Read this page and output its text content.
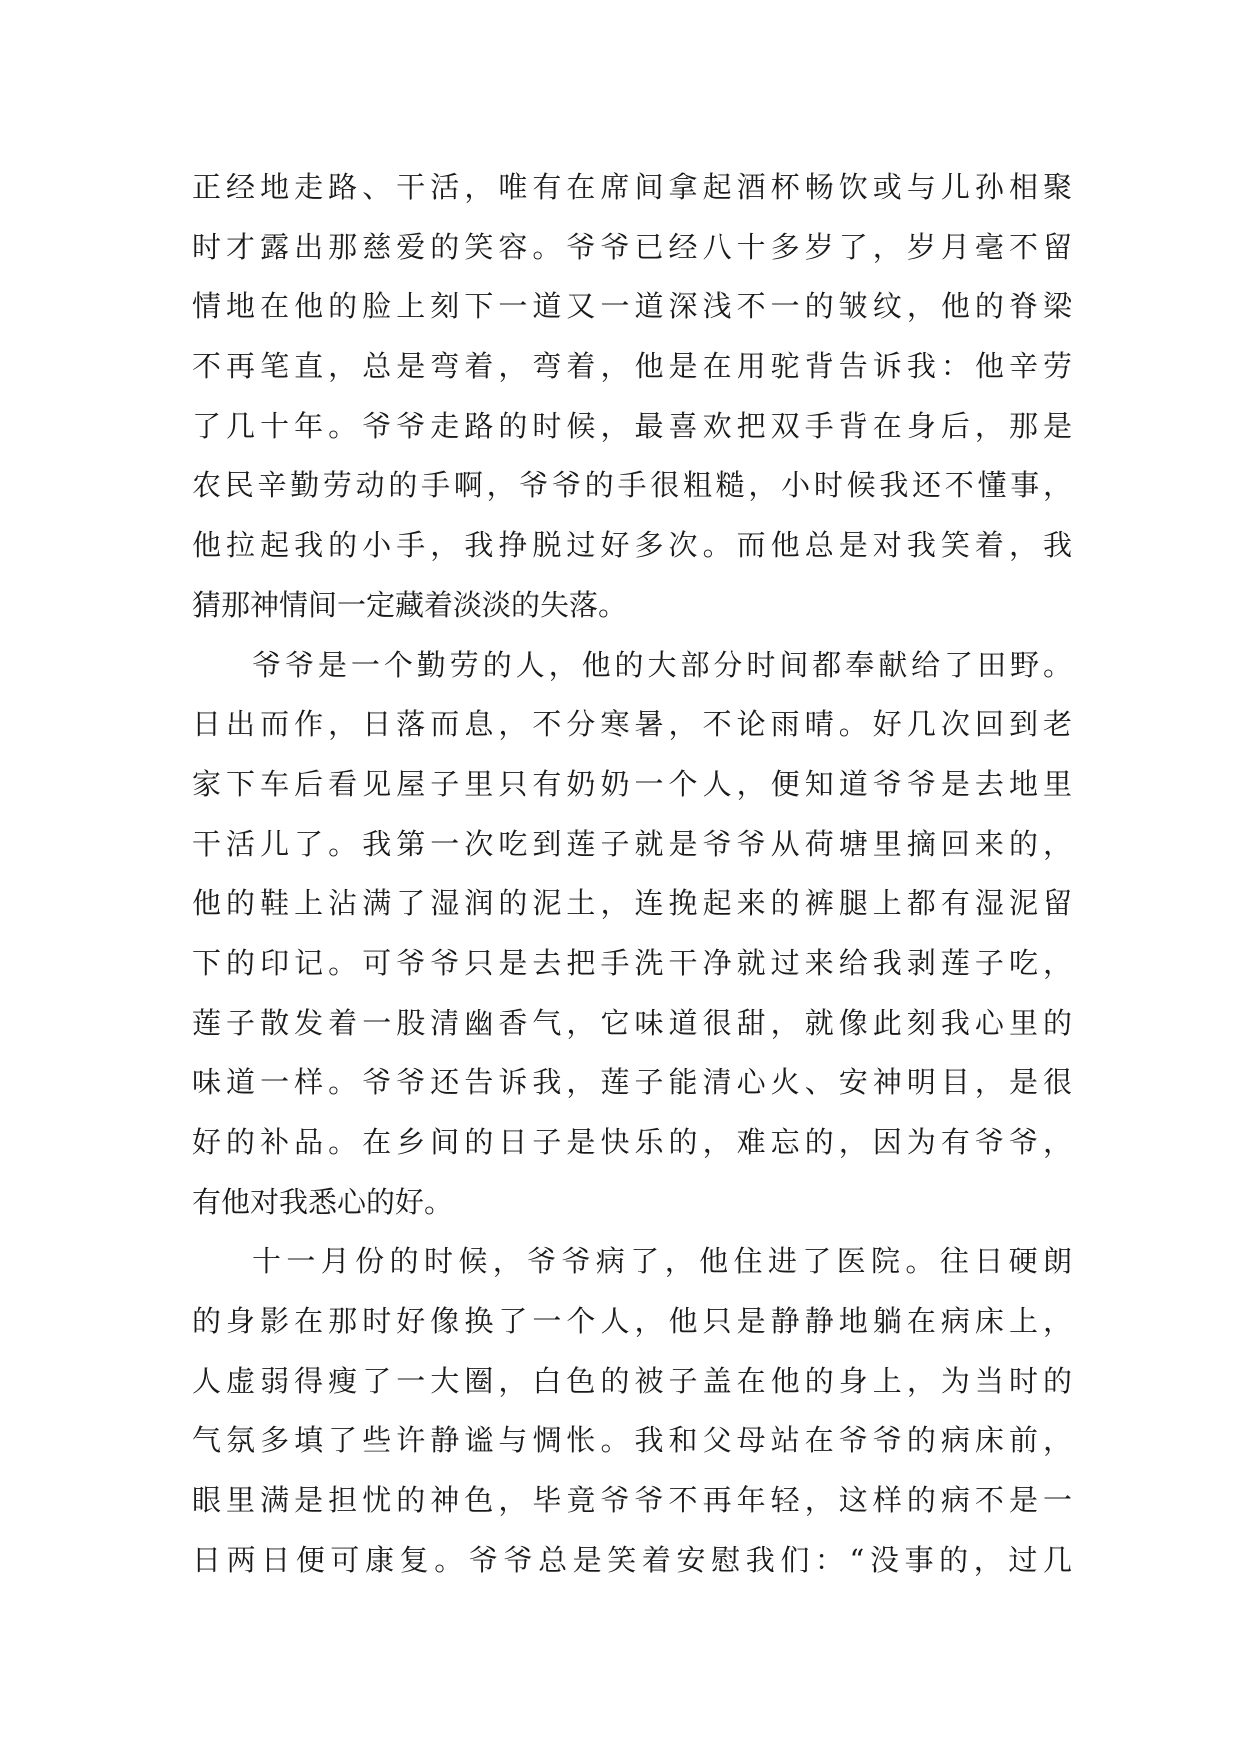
正经地走路、干活，唯有在席间拿起酒杯畅饮或与儿孙相聚
时才露出那慈爱的笑容。爷爷已经八十多岁了，岁月毫不留
情地在他的脸上刻下一道又一道深浅不一的皱纹，他的脊梁
不再笔直，总是弯着，弯着，他是在用驼背告诉我：他辛劳
了几十年。爷爷走路的时候，最喜欢把双手背在身后，那是
农民辛勤劳动的手啊，爷爷的手很粗糙，小时候我还不懂事，
他拉起我的小手，我挣脱过好多次。而他总是对我笑着，我
猜那神情间一定藏着淡淡的失落。
爷爷是一个勤劳的人，他的大部分时间都奉献给了田野。
日出而作，日落而息，不分寒暑，不论雨晴。好几次回到老
家下车后看见屋子里只有奶奶一个人，便知道爷爷是去地里
干活儿了。我第一次吃到莲子就是爷爷从荷塘里摘回来的，
他的鞋上沾满了湿润的泥土，连挽起来的裤腿上都有湿泥留
下的印记。可爷爷只是去把手洗干净就过来给我剥莲子吃，
莲子散发着一股清幽香气，它味道很甜，就像此刻我心里的
味道一样。爷爷还告诉我，莲子能清心火、安神明目，是很
好的补品。在乡间的日子是快乐的，难忘的，因为有爷爷，
有他对我悉心的好。
十一月份的时候，爷爷病了，他住进了医院。往日硬朗
的身影在那时好像换了一个人，他只是静静地躺在病床上，
人虚弱得瘦了一大圈，白色的被子盖在他的身上，为当时的
气氛多填了些许静谧与惆怅。我和父母站在爷爷的病床前，
眼里满是担忧的神色，毕竟爷爷不再年轻，这样的病不是一
日两日便可康复。爷爷总是笑着安慰我们：“没事的，过几
